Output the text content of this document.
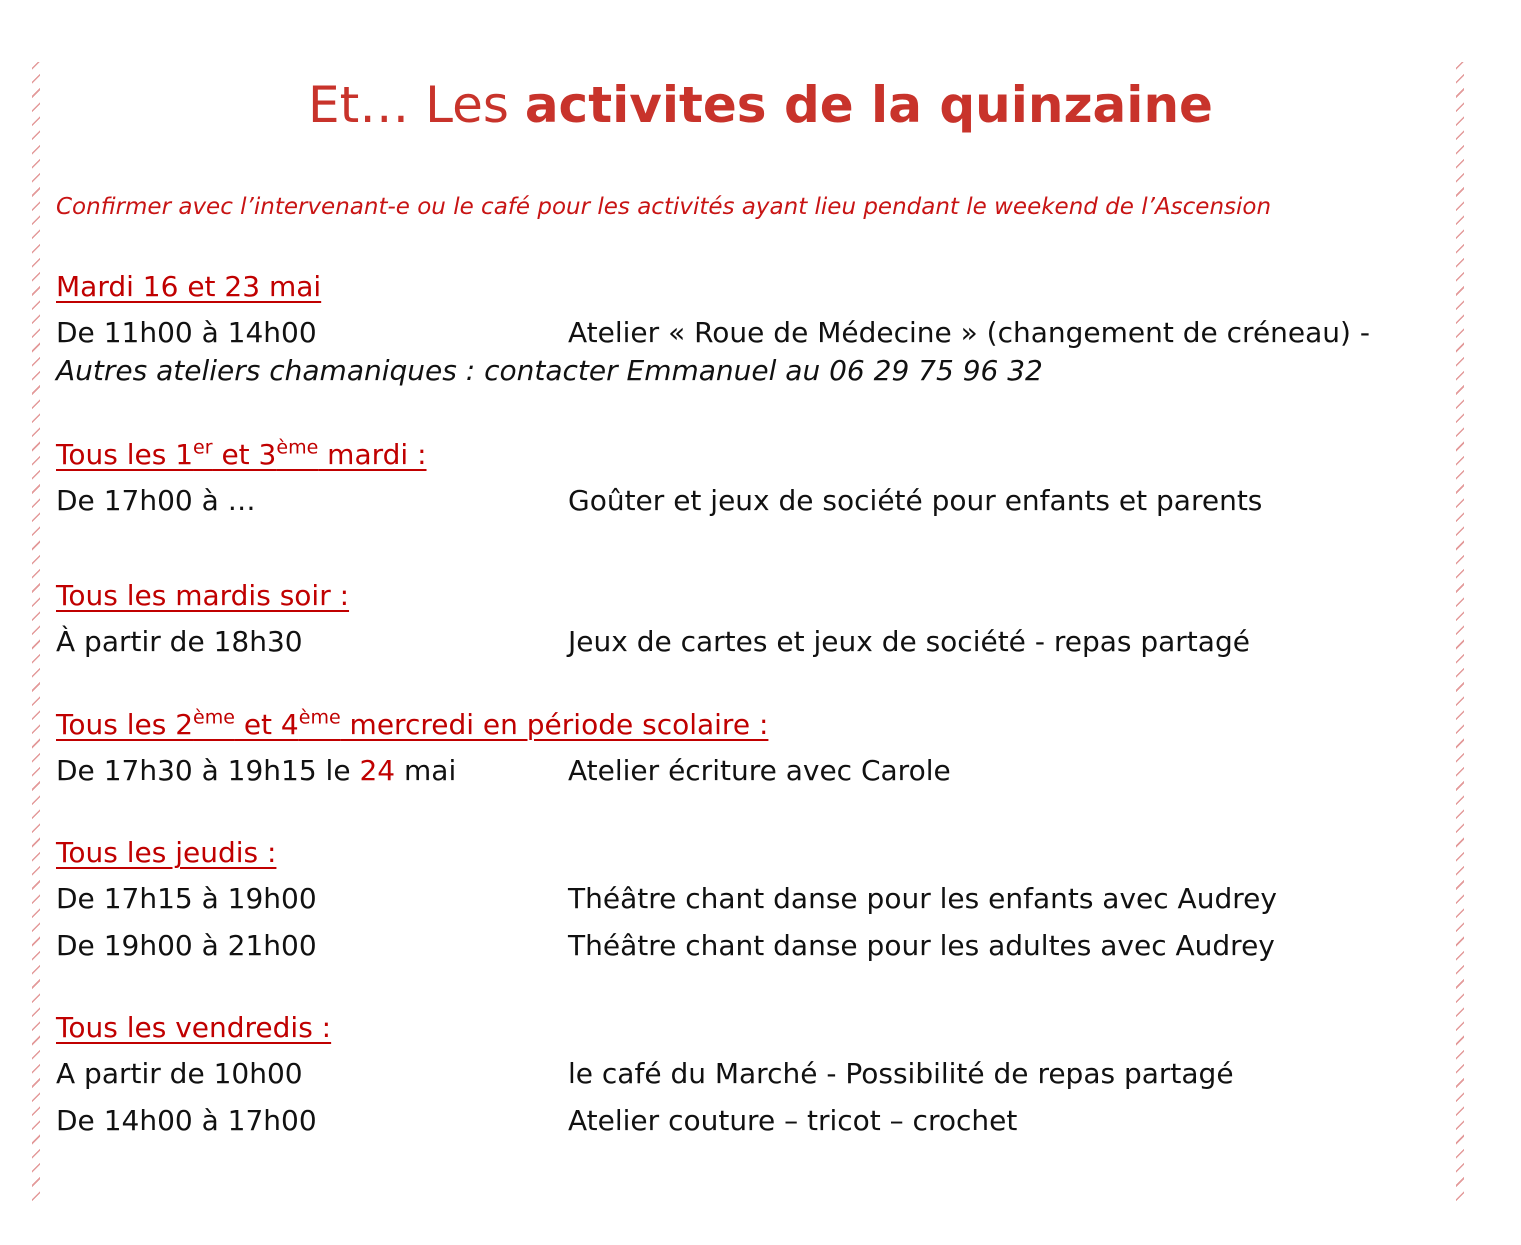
Et… Les activites de la quinzaine
Confirmer avec l’intervenant-e ou le café pour les activités ayant lieu pendant le weekend de l’Ascension
Mardi 16 et 23 mai
De 11h00 à 14h00	Atelier « Roue de Médecine » (changement de créneau) -
Autres ateliers chamaniques : contacter Emmanuel au 06 29 75 96 32
Tous les 1er et 3ème mardi :
De 17h00 à …	Goûter et jeux de société pour enfants et parents
Tous les mardis soir :
À partir de 18h30	Jeux de cartes et jeux de société - repas partagé
Tous les 2ème et 4ème mercredi en période scolaire :
De 17h30 à 19h15 le 24 mai	Atelier écriture avec Carole
Tous les jeudis :
De 17h15 à 19h00	Théâtre chant danse pour les enfants avec Audrey
De 19h00 à 21h00	Théâtre chant danse pour les adultes avec Audrey
Tous les vendredis :
A partir de 10h00	le café du Marché - Possibilité de repas partagé
De 14h00 à 17h00	Atelier couture – tricot – crochet
